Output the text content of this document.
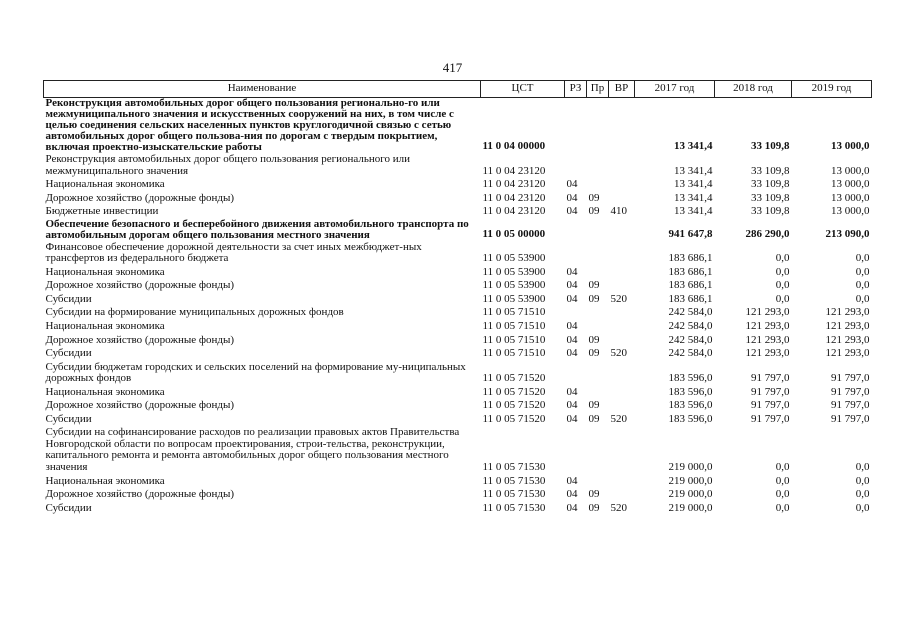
417
Наименование	ЦСТ	РЗ	Пр	ВР	2017 год	2018 год	2019 год
Реконструкция автомобильных дорог общего пользования регионально-го или межмуниципального значения и искусственных сооружений на них, в том числе с целью соединения сельских населенных пунктов круглогодичной связью с сетью автомобильных дорог общего пользова-ния по дорогам с твердым покрытием, включая проектно-изыскательские работы	11 0 04 00000				13 341,4	33 109,8	13 000,0
Реконструкция автомобильных дорог общего пользования регионального или межмуниципального значения	11 0 04 23120				13 341,4	33 109,8	13 000,0
Национальная экономика	11 0 04 23120	04			13 341,4	33 109,8	13 000,0
Дорожное хозяйство (дорожные фонды)	11 0 04 23120	04	09		13 341,4	33 109,8	13 000,0
Бюджетные инвестиции	11 0 04 23120	04	09	410	13 341,4	33 109,8	13 000,0
Обеспечение безопасного и бесперебойного движения автомобильного транспорта по автомобильным дорогам общего пользования местного значения	11 0 05 00000				941 647,8	286 290,0	213 090,0
Финансовое обеспечение дорожной деятельности за счет иных межбюджет-ных трансфертов из федерального бюджета	11 0 05 53900				183 686,1	0,0	0,0
Национальная экономика	11 0 05 53900	04			183 686,1	0,0	0,0
Дорожное хозяйство (дорожные фонды)	11 0 05 53900	04	09		183 686,1	0,0	0,0
Субсидии	11 0 05 53900	04	09	520	183 686,1	0,0	0,0
Субсидии на формирование муниципальных дорожных фондов	11 0 05 71510				242 584,0	121 293,0	121 293,0
Национальная экономика	11 0 05 71510	04			242 584,0	121 293,0	121 293,0
Дорожное хозяйство (дорожные фонды)	11 0 05 71510	04	09		242 584,0	121 293,0	121 293,0
Субсидии	11 0 05 71510	04	09	520	242 584,0	121 293,0	121 293,0
Субсидии бюджетам городских и сельских поселений на формирование му-ниципальных дорожных фондов	11 0 05 71520				183 596,0	91 797,0	91 797,0
Национальная экономика	11 0 05 71520	04			183 596,0	91 797,0	91 797,0
Дорожное хозяйство (дорожные фонды)	11 0 05 71520	04	09		183 596,0	91 797,0	91 797,0
Субсидии	11 0 05 71520	04	09	520	183 596,0	91 797,0	91 797,0
Субсидии на софинансирование расходов по реализации правовых актов Правительства Новгородской области по вопросам проектирования, строи-тельства, реконструкции, капитального ремонта и ремонта автомобильных дорог общего пользования местного значения	11 0 05 71530				219 000,0	0,0	0,0
Национальная экономика	11 0 05 71530	04			219 000,0	0,0	0,0
Дорожное хозяйство (дорожные фонды)	11 0 05 71530	04	09		219 000,0	0,0	0,0
Субсидии	11 0 05 71530	04	09	520	219 000,0	0,0	0,0
